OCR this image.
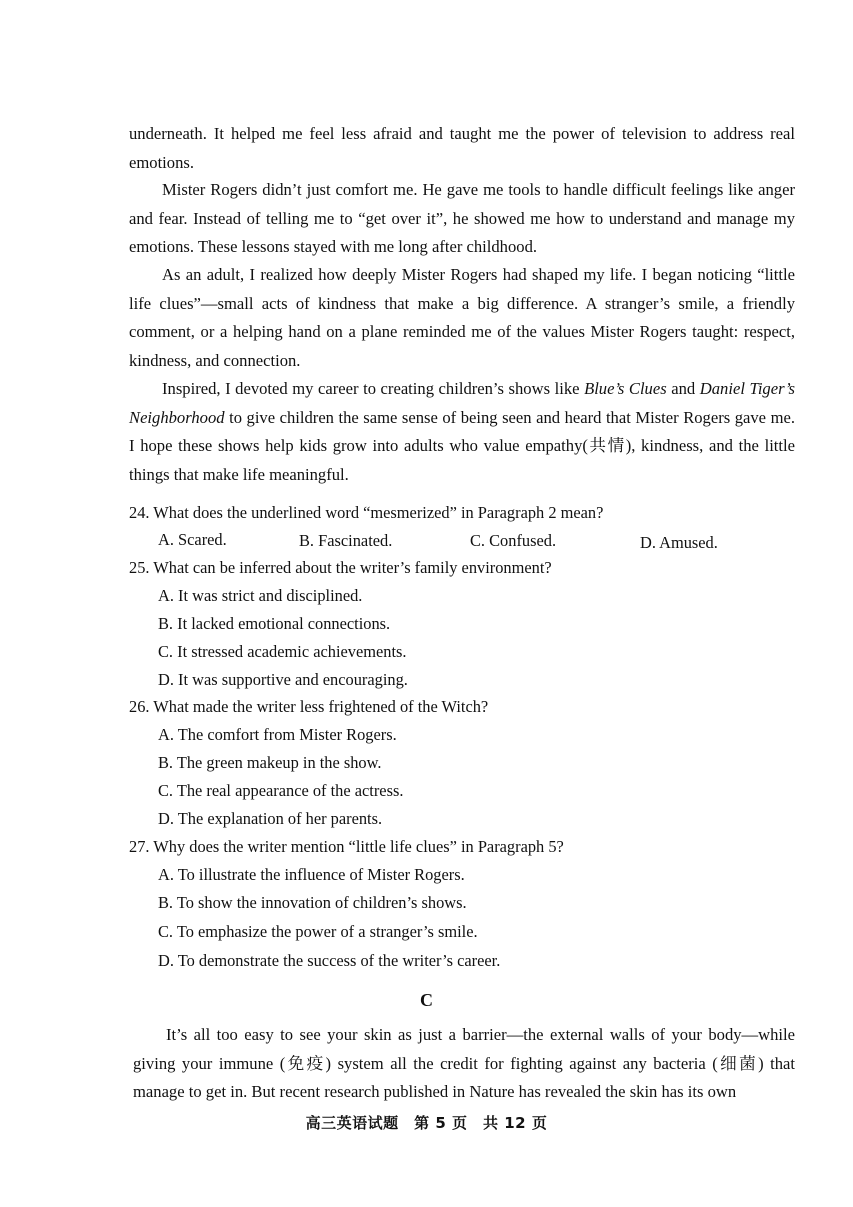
underneath. It helped me feel less afraid and taught me the power of television to address real emotions.

Mister Rogers didn’t just comfort me. He gave me tools to handle difficult feelings like anger and fear. Instead of telling me to “get over it”, he showed me how to understand and manage my emotions. These lessons stayed with me long after childhood.

As an adult, I realized how deeply Mister Rogers had shaped my life. I began noticing “little life clues”—small acts of kindness that make a big difference. A stranger’s smile, a friendly comment, or a helping hand on a plane reminded me of the values Mister Rogers taught: respect, kindness, and connection.

Inspired, I devoted my career to creating children’s shows like Blue’s Clues and Daniel Tiger’s Neighborhood to give children the same sense of being seen and heard that Mister Rogers gave me. I hope these shows help kids grow into adults who value empathy(共情), kindness, and the little things that make life meaningful.

24. What does the underlined word “mesmerized” in Paragraph 2 mean?

A. Scared.	B. Fascinated.	C. Confused.	D. Amused.

25. What can be inferred about the writer’s family environment?

A. It was strict and disciplined.

B. It lacked emotional connections.

C. It stressed academic achievements.

D. It was supportive and encouraging.

26. What made the writer less frightened of the Witch?

A. The comfort from Mister Rogers.

B. The green makeup in the show.

C. The real appearance of the actress.

D. The explanation of her parents.

27. Why does the writer mention “little life clues” in Paragraph 5?

A. To illustrate the influence of Mister Rogers.

B. To show the innovation of children’s shows.

C. To emphasize the power of a stranger’s smile.

D. To demonstrate the success of the writer’s career.

C

It’s all too easy to see your skin as just a barrier—the external walls of your body—while giving your immune (免疫) system all the credit for fighting against any bacteria (细菌) that manage to get in. But recent research published in Nature has revealed the skin has its own

高三英语试题　第 5 页　共 12 页
